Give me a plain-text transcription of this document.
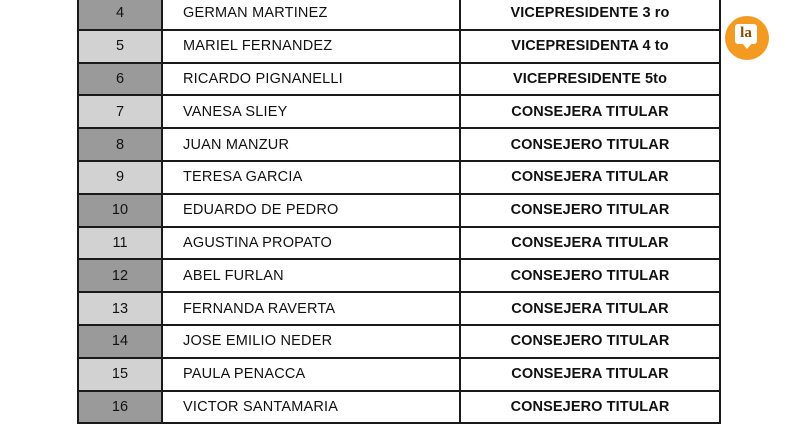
4	GERMAN MARTINEZ	VICEPRESIDENTE 3 ro
5	MARIEL FERNANDEZ	VICEPRESIDENTA 4 to
6	RICARDO PIGNANELLI	VICEPRESIDENTE 5to
7	VANESA SLIEY	CONSEJERA TITULAR
8	JUAN MANZUR	CONSEJERO TITULAR
9	TERESA GARCIA	CONSEJERA TITULAR
10	EDUARDO DE PEDRO	CONSEJERO TITULAR
11	AGUSTINA PROPATO	CONSEJERA TITULAR
12	ABEL FURLAN	CONSEJERO TITULAR
13	FERNANDA RAVERTA	CONSEJERA TITULAR
14	JOSE EMILIO NEDER	CONSEJERO TITULAR
15	PAULA PENACCA	CONSEJERA TITULAR
16	VICTOR SANTAMARIA	CONSEJERO TITULAR
la
